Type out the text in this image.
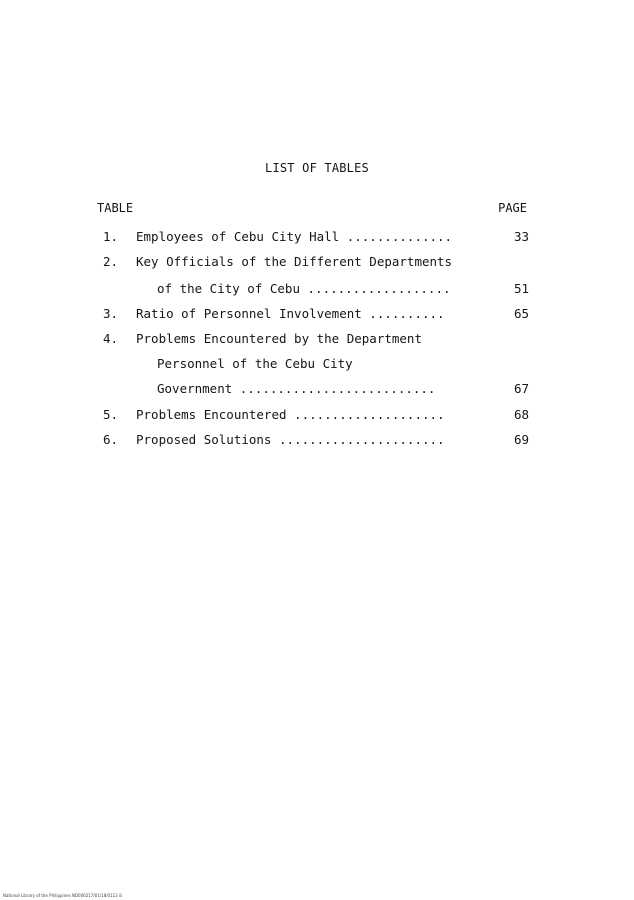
LIST OF TABLES
TABLE	PAGE
1. Employees of Cebu City Hall ..............	33
2. Key Officials of the Different Departments
of the City of Cebu ...................	51
3. Ratio of Personnel Involvement ..........	65
4. Problems Encountered by the Department
Personnel of the Cebu City
Government ..........................	67
5. Problems Encountered ....................	68
6. Proposed Solutions ......................	69
National Library of the Philippines ND000217/01/18/0113 iii
